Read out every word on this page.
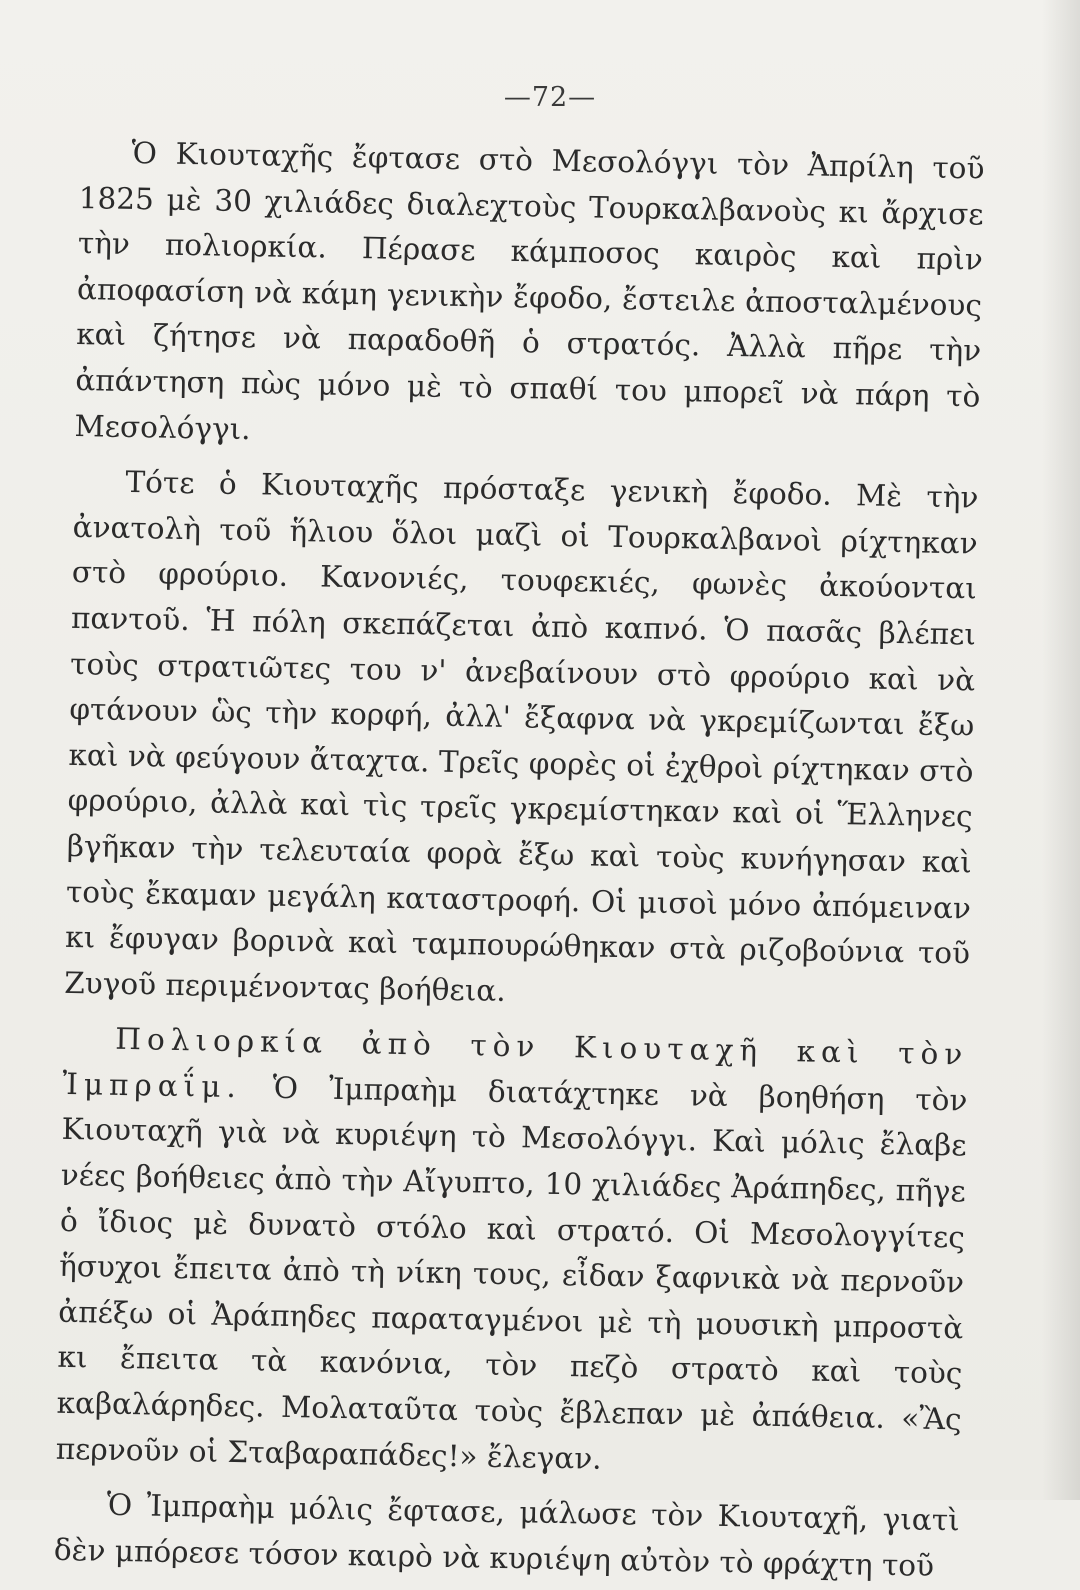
—72—

Ὁ Κιουταχῆς ἔφτασε στὸ Μεσολόγγι τὸν Ἀπρίλη τοῦ 1825 μὲ 30 χιλιάδες διαλεχτοὺς Τουρκαλβανοὺς κι ἄρχισε τὴν πολιορκία. Πέρασε κάμποσος καιρὸς καὶ πρὶν ἀποφασίση νὰ κάμη γενικὴν ἔφοδο, ἔστειλε ἀποσταλμένους καὶ ζήτησε νὰ παραδοθῆ ὁ στρατός. Ἀλλὰ πῆρε τὴν ἀπάντηση πὼς μόνο μὲ τὸ σπαθί του μπορεῖ νὰ πάρη τὸ Μεσολόγγι.

Τότε ὁ Κιουταχῆς πρόσταξε γενικὴ ἔφοδο. Μὲ τὴν ἀνατολὴ τοῦ ἥλιου ὅλοι μαζὶ οἱ Τουρκαλβανοὶ ρίχτηκαν στὸ φρούριο. Κανονιές, τουφεκιές, φωνὲς ἀκούονται παντοῦ. Ἡ πόλη σκεπάζεται ἀπὸ καπνό. Ὁ πασᾶς βλέπει τοὺς στρατιῶτες του ν' ἀνεβαίνουν στὸ φρούριο καὶ νὰ φτάνουν ὣς τὴν κορφή, ἀλλ' ἔξαφνα νὰ γκρεμίζωνται ἔξω καὶ νὰ φεύγουν ἄταχτα. Τρεῖς φορὲς οἱ ἐχθροὶ ρίχτηκαν στὸ φρούριο, ἀλλὰ καὶ τὶς τρεῖς γκρεμίστηκαν καὶ οἱ Ἕλληνες βγῆκαν τὴν τελευταία φορὰ ἔξω καὶ τοὺς κυνήγησαν καὶ τοὺς ἔκαμαν μεγάλη καταστροφή. Οἱ μισοὶ μόνο ἀπόμειναν κι ἔφυγαν βορινὰ καὶ ταμπουρώθηκαν στὰ ριζοβούνια τοῦ Ζυγοῦ περιμένοντας βοήθεια.

Πολιορκία ἀπὸ τὸν Κιουταχῆ καὶ τὸν Ἰμπραΐμ. Ὁ Ἰμπραὴμ διατάχτηκε νὰ βοηθήση τὸν Κιουταχῆ γιὰ νὰ κυριέψη τὸ Μεσολόγγι. Καὶ μόλις ἔλαβε νέες βοήθειες ἀπὸ τὴν Αἴγυπτο, 10 χιλιάδες Ἀράπηδες, πῆγε ὁ ἴδιος μὲ δυνατὸ στόλο καὶ στρατό. Οἱ Μεσολογγίτες ἥσυχοι ἔπειτα ἀπὸ τὴ νίκη τους, εἶδαν ξαφνικὰ νὰ περνοῦν ἀπέξω οἱ Ἀράπηδες παραταγμένοι μὲ τὴ μουσικὴ μπροστὰ κι ἔπειτα τὰ κανόνια, τὸν πεζὸ στρατὸ καὶ τοὺς καβαλάρηδες. Μολαταῦτα τοὺς ἔβλεπαν μὲ ἀπάθεια. «Ἂς περνοῦν οἱ Σταβαραπάδες!» ἔλεγαν.

Ὁ Ἰμπραὴμ μόλις ἔφτασε, μάλωσε τὸν Κιουταχῆ, γιατὶ δὲν μπόρεσε τόσον καιρὸ νὰ κυριέψη αὐτὸν τὸ φράχτη τοῦ
